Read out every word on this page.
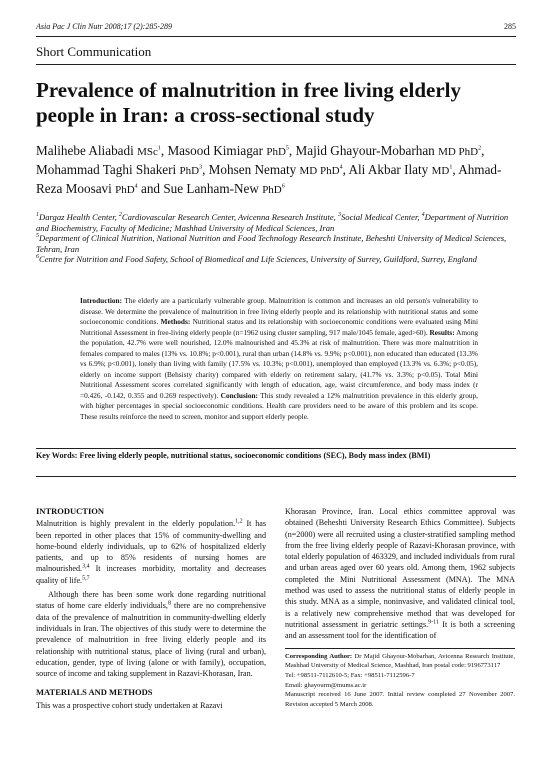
Asia Pac J Clin Nutr 2008;17 (2):285-289	285
Short Communication
Prevalence of malnutrition in free living elderly people in Iran: a cross-sectional study
Malihebe Aliabadi MSc$^1$, Masood Kimiagar PhD$^5$, Majid Ghayour-Mobarhan MD PhD$^2$, Mohammad Taghi Shakeri PhD$^3$, Mohsen Nematy MD PhD$^4$, Ali Akbar Ilaty $MD^1$, Ahmad-Reza Moosavi PhD$^4$ and Sue Lanham-New PhD$^6$
$^1$Dargaz Health Center, $^2$Cardiovascular Research Center, Avicenna Research Institute, $^3$Social Medical Center, $^4$Department of Nutrition and Biochemistry, Faculty of Medicine; Mashhad University of Medical Sciences, Iran
$^5$Department of Clinical Nutrition, National Nutrition and Food Technology Research Institute, Beheshti University of Medical Sciences, Tehran, Iran
$^6$Centre for Nutrition and Food Safety, School of Biomedical and Life Sciences, University of Surrey, Guildford, Surrey, England
Introduction: The elderly are a particularly vulnerable group. Malnutrition is common and increases an old person's vulnerability to disease. We determine the prevalence of malnutrition in free living elderly people and its relationship with nutritional status and some socioeconomic conditions. Methods: Nutritional status and its relationship with socioeconomic conditions were evaluated using Mini Nutritional Assessment in free-living elderly people (n=1962 using cluster sampling, 917 male/1045 female, aged>60). Results: Among the population, 42.7% were well nourished, 12.0% malnourished and 45.3% at risk of malnutrition. There was more malnutrition in females compared to males (13% vs. 10.8%; p<0.001), rural than urban (14.8% vs. 9.9%; p<0.001), non educated than educated (13.3% vs 6.9%; p<0.001), lonely than living with family (17.5% vs. 10.3%; p<0.001), unemployed than employed (13.3% vs. 6.3%; p<0.05), elderly on income support (Behsisty charity) compared with elderly on retirement salary, (41.7% vs. 3.3%; p<0.05). Total Mini Nutritional Assessment scores correlated significantly with length of education, age, waist circumference, and body mass index (r =0.426, -0.142, 0.355 and 0.269 respectively). Conclusion: This study revealed a 12% malnutrition prevalence in this elderly group, with higher percentages in special socioeconomic conditions. Health care providers need to be aware of this problem and its scope. These results reinforce the need to screen, monitor and support elderly people.
Key Words: Free living elderly people, nutritional status, socioeconomic conditions (SEC), Body mass index (BMI)
INTRODUCTION

Malnutrition is highly prevalent in the elderly population.$^{1,2}$ It has been reported in other places that 15% of community-dwelling and home-bound elderly individuals, up to 62% of hospitalized elderly patients, and up to 85% residents of nursing homes are malnourished.$^{3,4}$ It increases morbidity, mortality and decreases quality of life.$^{5,7}$

Although there has been some work done regarding nutritional status of home care elderly individuals,$^8$ there are no comprehensive data of the prevalence of malnutrition in community-dwelling elderly individuals in Iran. The objectives of this study were to determine the prevalence of malnutrition in free living elderly people and its relationship with nutritional status, place of living (rural and urban), education, gender, type of living (alone or with family), occupation, source of income and taking supplement in Razavi-Khorasan, Iran.

MATERIALS AND METHODS

This was a prospective cohort study undertaken at Razavi

Khorasan Province, Iran. Local ethics committee approval was obtained (Beheshti University Research Ethics Committee). Subjects (n=2000) were all recruited using a cluster-stratified sampling method from the free living elderly people of Razavi-Khorasan province, with total elderly population of 463329, and included individuals from rural and urban areas aged over 60 years old. Among them, 1962 subjects completed the Mini Nutritional Assessment (MNA). The MNA method was used to assess the nutritional status of elderly people in this study. MNA as a simple, noninvasive, and validated clinical tool, is a relatively new comprehensive method that was developed for nutritional assessment in geriatric settings.$^{9-11}$ It is both a screening and an assessment tool for the identification of

Corresponding Author: Dr Majid Ghayour-Mobarhan, Avicenna Research Institute, Mashhad University of Medical Science, Mashhad, Iran postal code: 9196773117
Tel: +98511-7112610-5; Fax: +98511-7112596-7
Email: ghayourm@mums.ac.ir
Manuscript received 16 June 2007. Initial review completed 27 November 2007. Revision accepted 5 March 2008.
